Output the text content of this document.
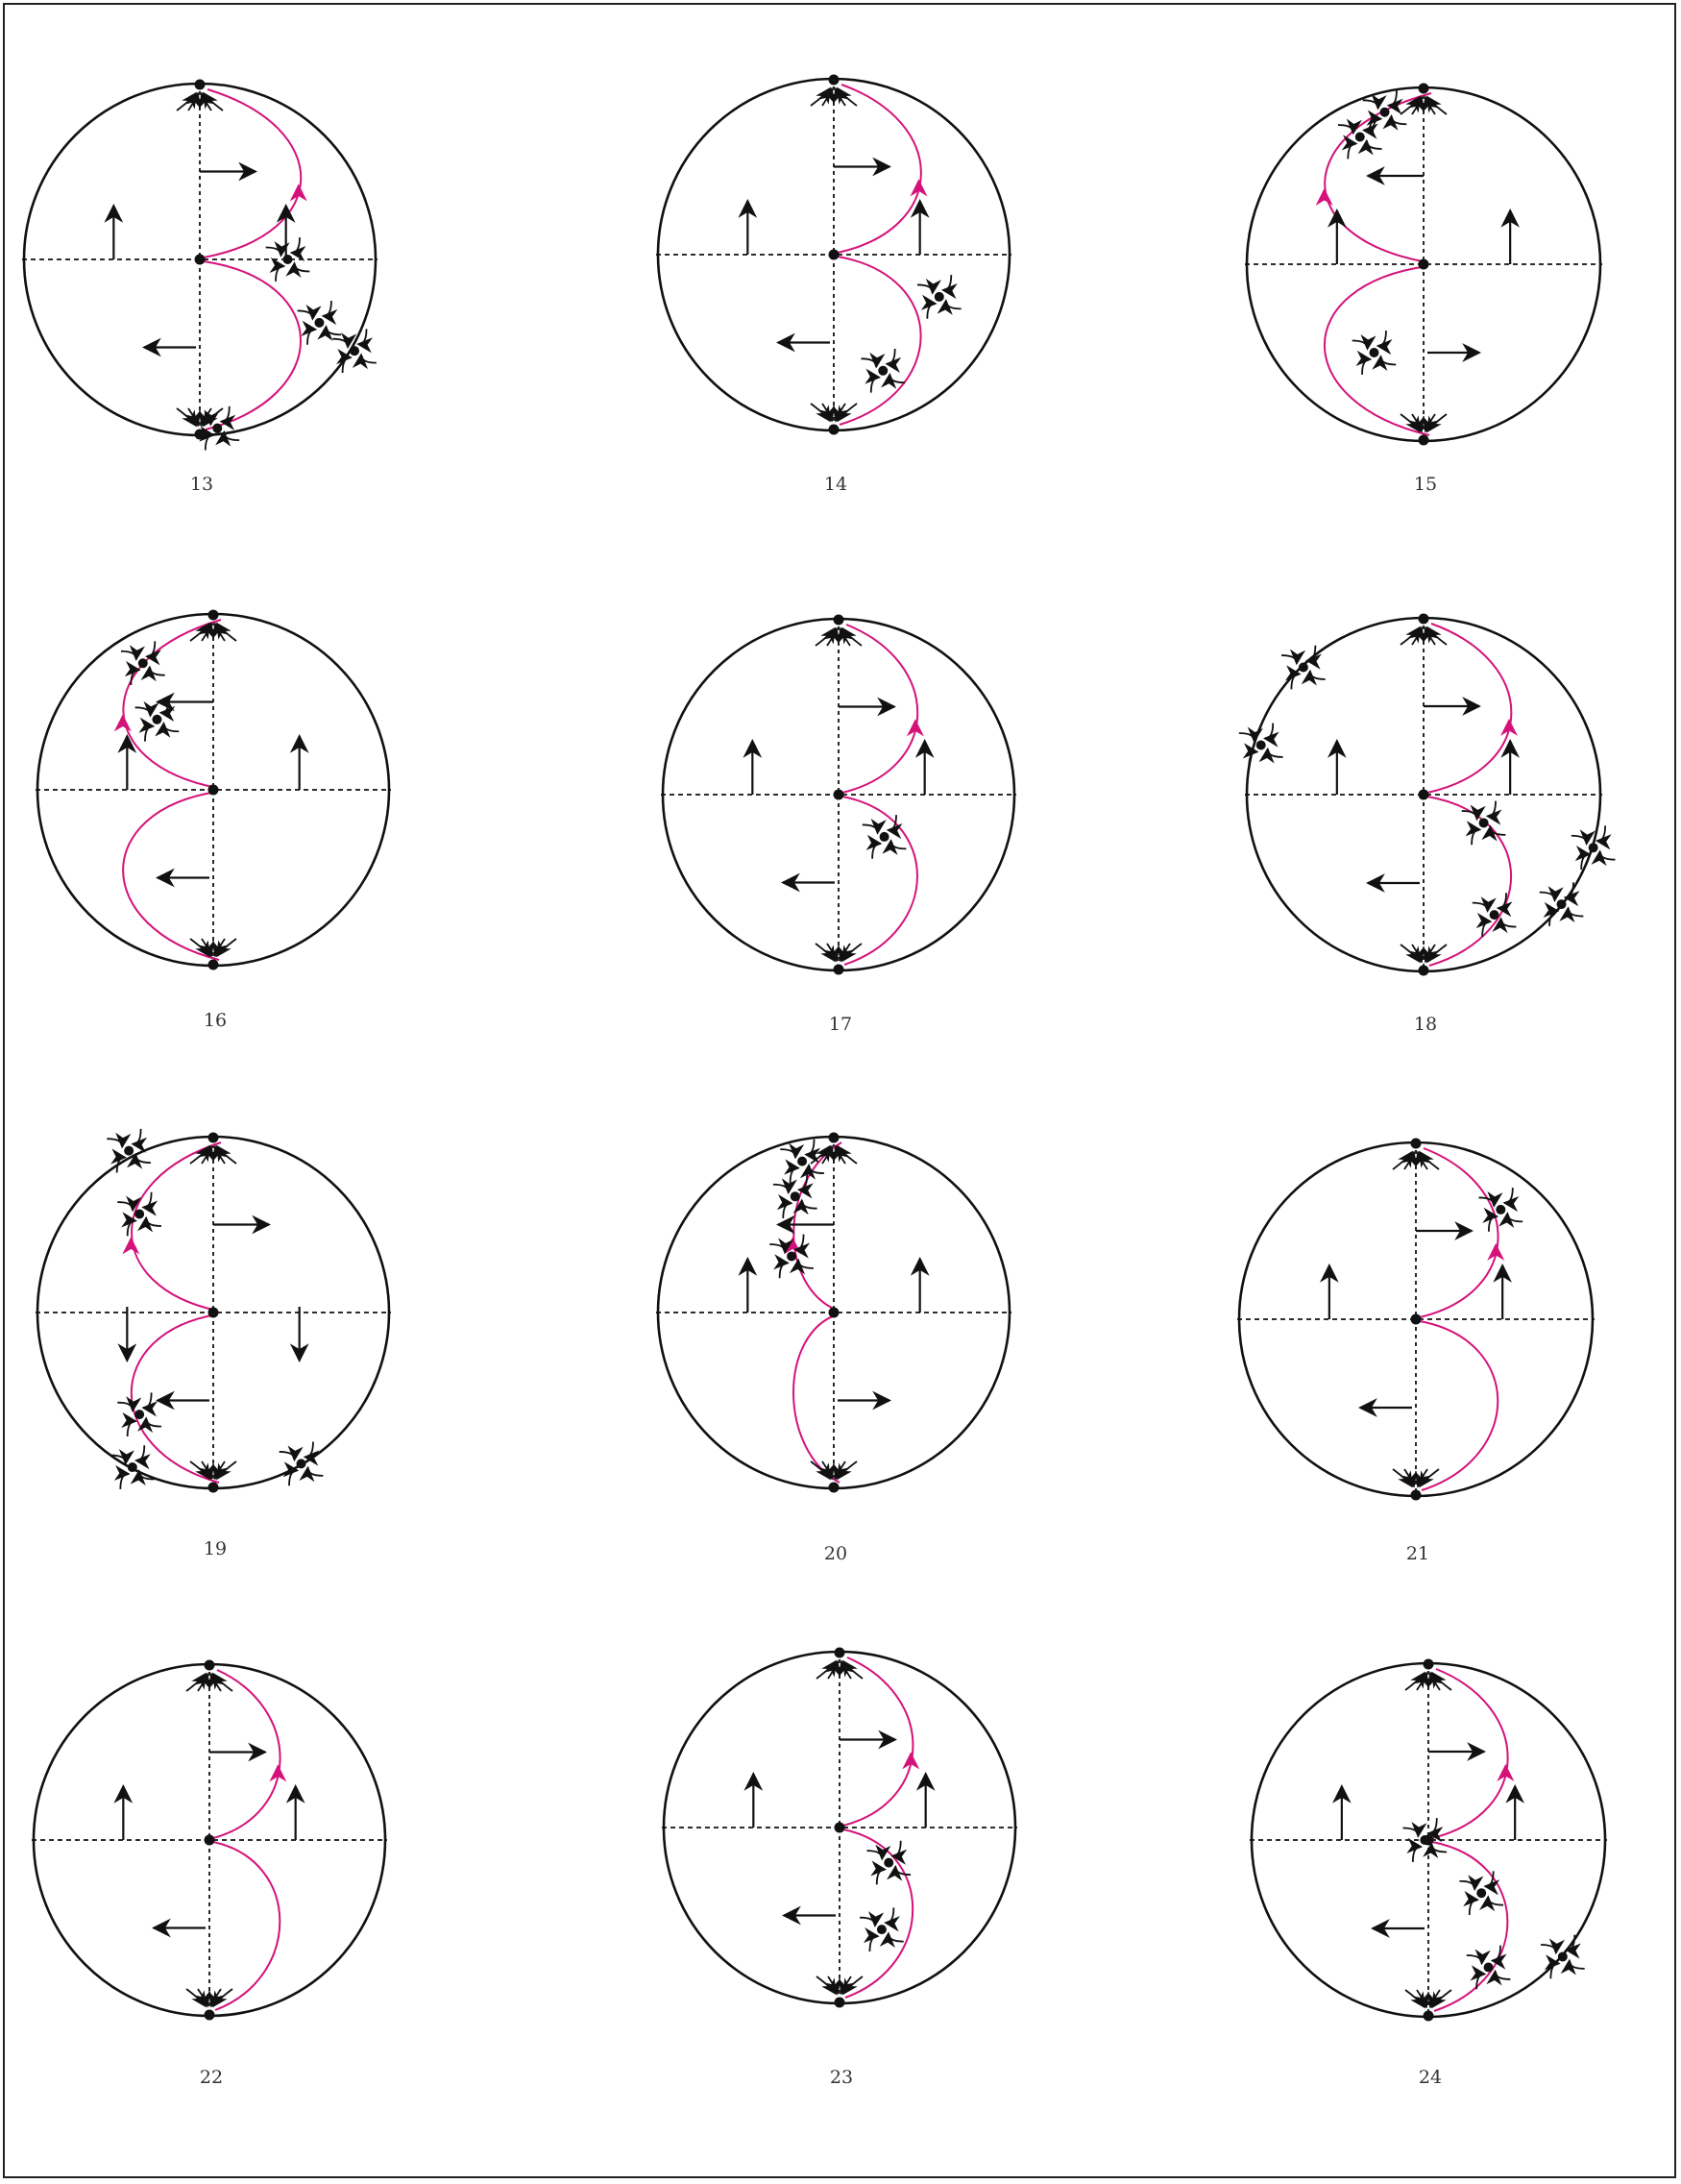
13	14	15
16	17	18
19	20	21
22	23	24
